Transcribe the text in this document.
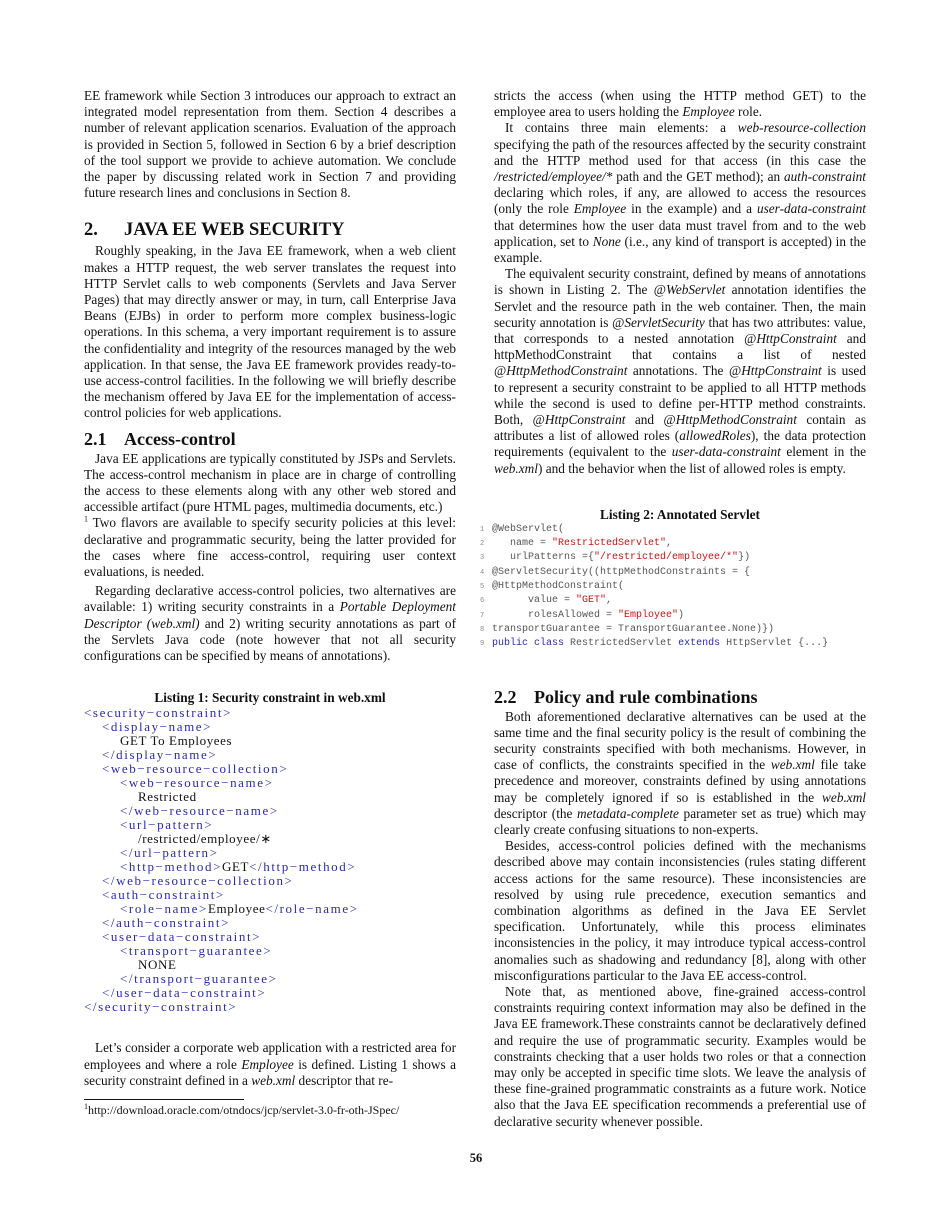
EE framework while Section 3 introduces our approach to extract an integrated model representation from them. Section 4 describes a number of relevant application scenarios. Evaluation of the approach is provided in Section 5, followed in Section 6 by a brief description of the tool support we provide to achieve automation. We conclude the paper by discussing related work in Section 7 and providing future research lines and conclusions in Section 8.

2. JAVA EE WEB SECURITY

Roughly speaking, in the Java EE framework, when a web client makes a HTTP request, the web server translates the request into HTTP Servlet calls to web components (Servlets and Java Server Pages) that may directly answer or may, in turn, call Enterprise Java Beans (EJBs) in order to perform more complex business-logic operations. In this schema, a very important requirement is to assure the confidentiality and integrity of the resources managed by the web application. In that sense, the Java EE framework provides ready-to-use access-control facilities. In the following we will briefly describe the mechanism offered by Java EE for the implementation of access-control policies for web applications.

2.1 Access-control

Java EE applications are typically constituted by JSPs and Servlets. The access-control mechanism in place are in charge of controlling the access to these elements along with any other web stored and accessible artifact (pure HTML pages, multimedia documents, etc.)
$^1$ Two flavors are available to specify security policies at this level: declarative and programmatic security, being the latter provided for the cases where fine access-control, requiring user context evaluations, is needed.

Regarding declarative access-control policies, two alternatives are available: 1) writing security constraints in a Portable Deployment Descriptor (web.xml) and 2) writing security annotations as part of the Servlets Java code (note however that not all security configurations can be specified by means of annotations).

Listing 1: Security constraint in web.xml
<security−constraint>
<display−name>
GET To Employees
</display−name>
<web−resource−collection>
<web−resource−name>
Restricted
</web−resource−name>
<url−pattern>
/restricted/employee/∗
</url−pattern>
<http−method>GET</http−method>
</web−resource−collection>
<auth−constraint>
<role−name>Employee</role−name>
</auth−constraint>
<user−data−constraint>
<transport−guarantee>
NONE
</transport−guarantee>
</user−data−constraint>
</security−constraint>

Let’s consider a corporate web application with a restricted area for employees and where a role Employee is defined. Listing 1 shows a security constraint defined in a web.xml descriptor that re-

$^1$http://download.oracle.com/otndocs/jcp/servlet-3.0-fr-oth-JSpec/

stricts the access (when using the HTTP method GET) to the employee area to users holding the Employee role.

It contains three main elements: a web-resource-collection specifying the path of the resources affected by the security constraint and the HTTP method used for that access (in this case the /restricted/employee/* path and the GET method); an auth-constraint declaring which roles, if any, are allowed to access the resources (only the role Employee in the example) and a user-data-constraint that determines how the user data must travel from and to the web application, set to None (i.e., any kind of transport is accepted) in the example.

The equivalent security constraint, defined by means of annotations is shown in Listing 2. The @WebServlet annotation identifies the Servlet and the resource path in the web container. Then, the main security annotation is @ServletSecurity that has two attributes: value, that corresponds to a nested annotation @HttpConstraint and httpMethodConstraint that contains a list of nested @HttpMethodConstraint annotations. The @HttpConstraint is used to represent a security constraint to be applied to all HTTP methods while the second is used to define per-HTTP method constraints. Both, @HttpConstraint and @HttpMethodConstraint contain as attributes a list of allowed roles (allowedRoles), the data protection requirements (equivalent to the user-data-constraint element in the web.xml) and the behavior when the list of allowed roles is empty.

Listing 2: Annotated Servlet
1 @WebServlet(
2   name = "RestrictedServlet",
3   urlPatterns ={"/restricted/employee/*"})
4 @ServletSecurity((httpMethodConstraints = {
5 @HttpMethodConstraint(
6      value = "GET",
7      rolesAllowed = "Employee")
8 transportGuarantee = TransportGuarantee.None)})
9 public class RestrictedServlet extends HttpServlet {...}
2.2 Policy and rule combinations

Both aforementioned declarative alternatives can be used at the same time and the final security policy is the result of combining the security constraints specified with both mechanisms. However, in case of conflicts, the constraints specified in the web.xml file take precedence and moreover, constraints defined by using annotations may be completely ignored if so is established in the web.xml descriptor (the metadata-complete parameter set as true) which may clearly create confusing situations to non-experts.

Besides, access-control policies defined with the mechanisms described above may contain inconsistencies (rules stating different access actions for the same resource). These inconsistencies are resolved by using rule precedence, execution semantics and combination algorithms as defined in the Java EE Servlet specification. Unfortunately, while this process eliminates inconsistencies in the policy, it may introduce typical access-control anomalies such as shadowing and redundancy [8], along with other misconfigurations particular to the Java EE access-control.

Note that, as mentioned above, fine-grained access-control constraints requiring context information may also be defined in the Java EE framework.These constraints cannot be declaratively defined and require the use of programmatic security. Examples would be constraints checking that a user holds two roles or that a connection may only be accepted in specific time slots. We leave the analysis of these fine-grained programmatic constraints as a future work. Notice also that the Java EE specification recommends a preferential use of declarative security whenever possible.

56
